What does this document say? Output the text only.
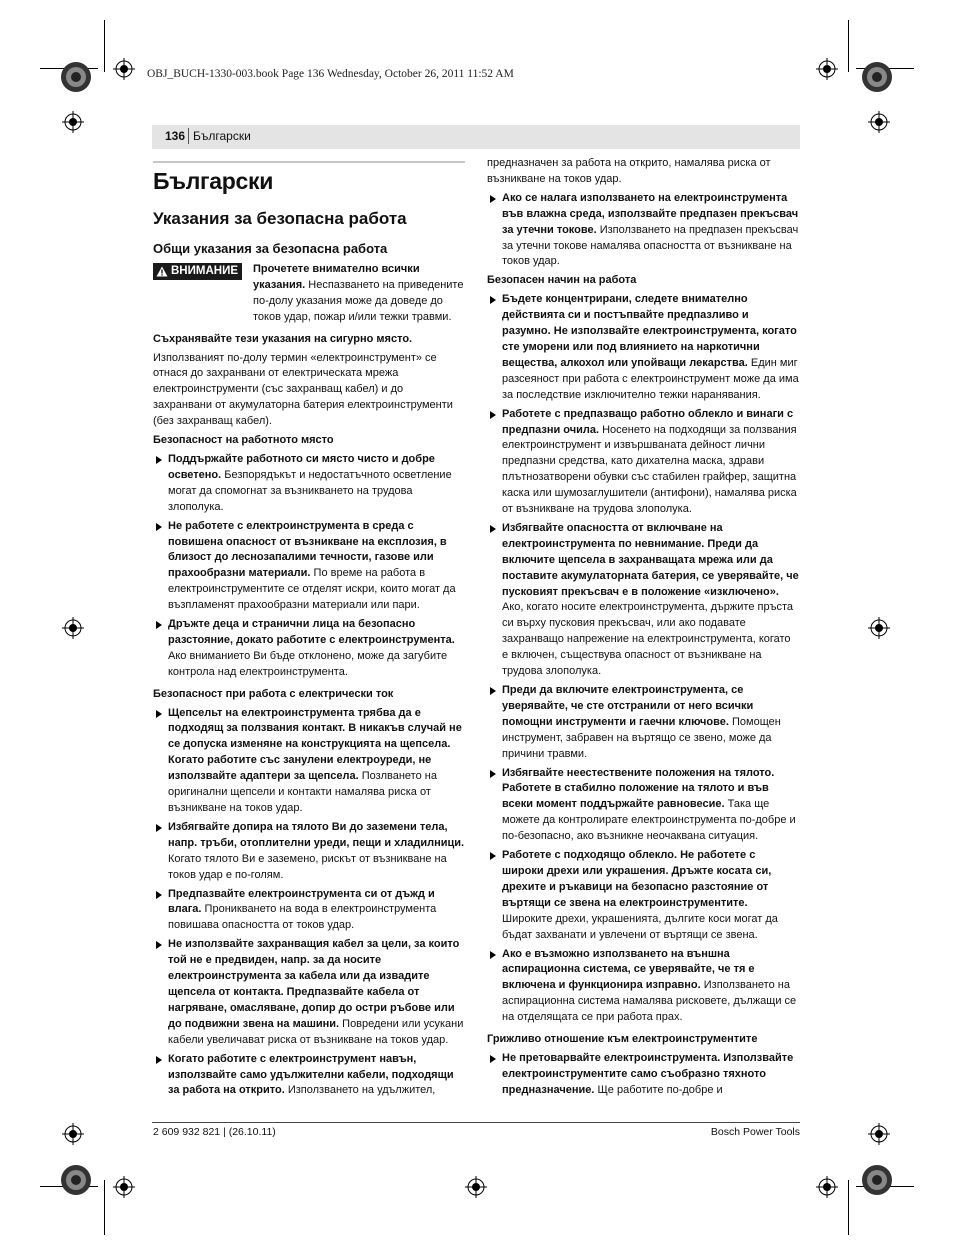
OBJ_BUCH-1330-003.book Page 136 Wednesday, October 26, 2011 11:52 AM
136 Български
Български
Указания за безопасна работа
Общи указания за безопасна работа
ВНИМАНИЕ Прочетете внимателно всички указания. Неспазването на приведените по-долу указания може да доведе до токов удар, пожар и/или тежки травми.

Съхранявайте тези указания на сигурно място.

Използваният по-долу термин «електроинструмент» се отнася до захранвани от електрическата мрежа електроинструменти (със захранващ кабел) и до захранвани от акумулаторна батерия електроинструменти (без захранващ кабел).

Безопасност на работното място
Поддържайте работното си място чисто и добре осветено. Безпорядъкът и недостатъчното осветление могат да спомогнат за възникването на трудова злополука.
Не работете с електроинструмента в среда с повишена опасност от възникване на експлозия, в близост до леснозапалими течности, газове или прахообразни материали. По време на работа в електроинструментите се отделят искри, които могат да възпламенят прахообразни материали или пари.
Дръжте деца и странични лица на безопасно разстояние, докато работите с електроинструмента. Ако вниманието Ви бъде отклонено, може да загубите контрола над електроинструмента.
Безопасност при работа с електрически ток
Щепсельт на електроинструмента трябва да е подходящ за ползвания контакт. В никакъв случай не се допуска изменяне на конструкцията на щепсела. Когато работите със занулени електроуреди, не използвайте адаптери за щепсела. Позлването на оригинални щепсели и контакти намалява риска от възникване на токов удар.
Избягвайте допира на тялото Ви до заземени тела, напр. тръби, отоплителни уреди, пещи и хладилници. Когато тялото Ви е заземено, рискът от възникване на токов удар е по-голям.
Предпазвайте електроинструмента си от дъжд и влага. Проникването на вода в електроинструмента повишава опасността от токов удар.
Не използвайте захранващия кабел за цели, за които той не е предвиден, напр. за да носите електроинструмента за кабела или да извадите щепсела от контакта. Предпазвайте кабела от нагряване, омасляване, допир до остри ръбове или до подвижни звена на машини. Повредени или усукани кабели увеличават риска от възникване на токов удар.
Когато работите с електроинструмент навън, използвайте само удължителни кабели, подходящи за работа на открито. Използването на удължител,

предназначен за работа на открито, намалява риска от възникване на токов удар.

Ако се налага използването на електроинструмента във влажна среда, използвайте предпазен прекъсвач за утечни токове. Използването на предпазен прекъсвач за утечни токове намалява опасността от възникване на токов удар.
Безопасен начин на работа
Бъдете концентрирани, следете внимателно действията си и постъпвайте предпазливо и разумно. Не използвайте електроинструмента, когато сте уморени или под влиянието на наркотични вещества, алкохол или упойващи лекарства. Един миг разсеяност при работа с електроинструмент може да има за последствие изключително тежки наранявания.
Работете с предпазващо работно облекло и винаги с предпазни очила. Носенето на подходящи за ползвания електроинструмент и извършваната дейност лични предпазни средства, като дихателна маска, здрави плътнозатворени обувки със стабилен грайфер, защитна каска или шумозаглушители (антифони), намалява риска от възникване на трудова злополука.
Избягвайте опасността от включване на електроинструмента по невнимание. Преди да включите щепсела в захранващата мрежа или да поставите акумулаторната батерия, се уверявайте, че пусковият прекъсвач е в положение «изключено». Ако, когато носите електроинструмента, държите пръста си върху пусковия прекъсвач, или ако подавате захранващо напрежение на електроинструмента, когато е включен, съществува опасност от възникване на трудова злополука.
Преди да включите електроинструмента, се уверявайте, че сте отстранили от него всички помощни инструменти и гаечни ключове. Помощен инструмент, забравен на въртящо се звено, може да причини травми.
Избягвайте неестествените положения на тялото. Работете в стабилно положение на тялото и във всеки момент поддържайте равновесие. Така ще можете да контролирате електроинструмента по-добре и по-безопасно, ако възникне неочаквана ситуация.
Работете с подходящо облекло. Не работете с широки дрехи или украшения. Дръжте косата си, дрехите и ръкавици на безопасно разстояние от въртящи се звена на електроинструментите. Широките дрехи, украшенията, дългите коси могат да бъдат захванати и увлечени от въртящи се звена.
Ако е възможно използването на външна аспирационна система, се уверявайте, че тя е включена и функционира изправно. Използването на аспирационна система намалява рисковете, дължащи се на отделящата се при работа прах.
Грижливо отношение към електроинструментите
Не претоварвайте електроинструмента. Използвайте електроинструментите само съобразно тяхното предназначение. Ще работите по-добре и
2 609 932 821 | (26.10.11)	Bosch Power Tools
